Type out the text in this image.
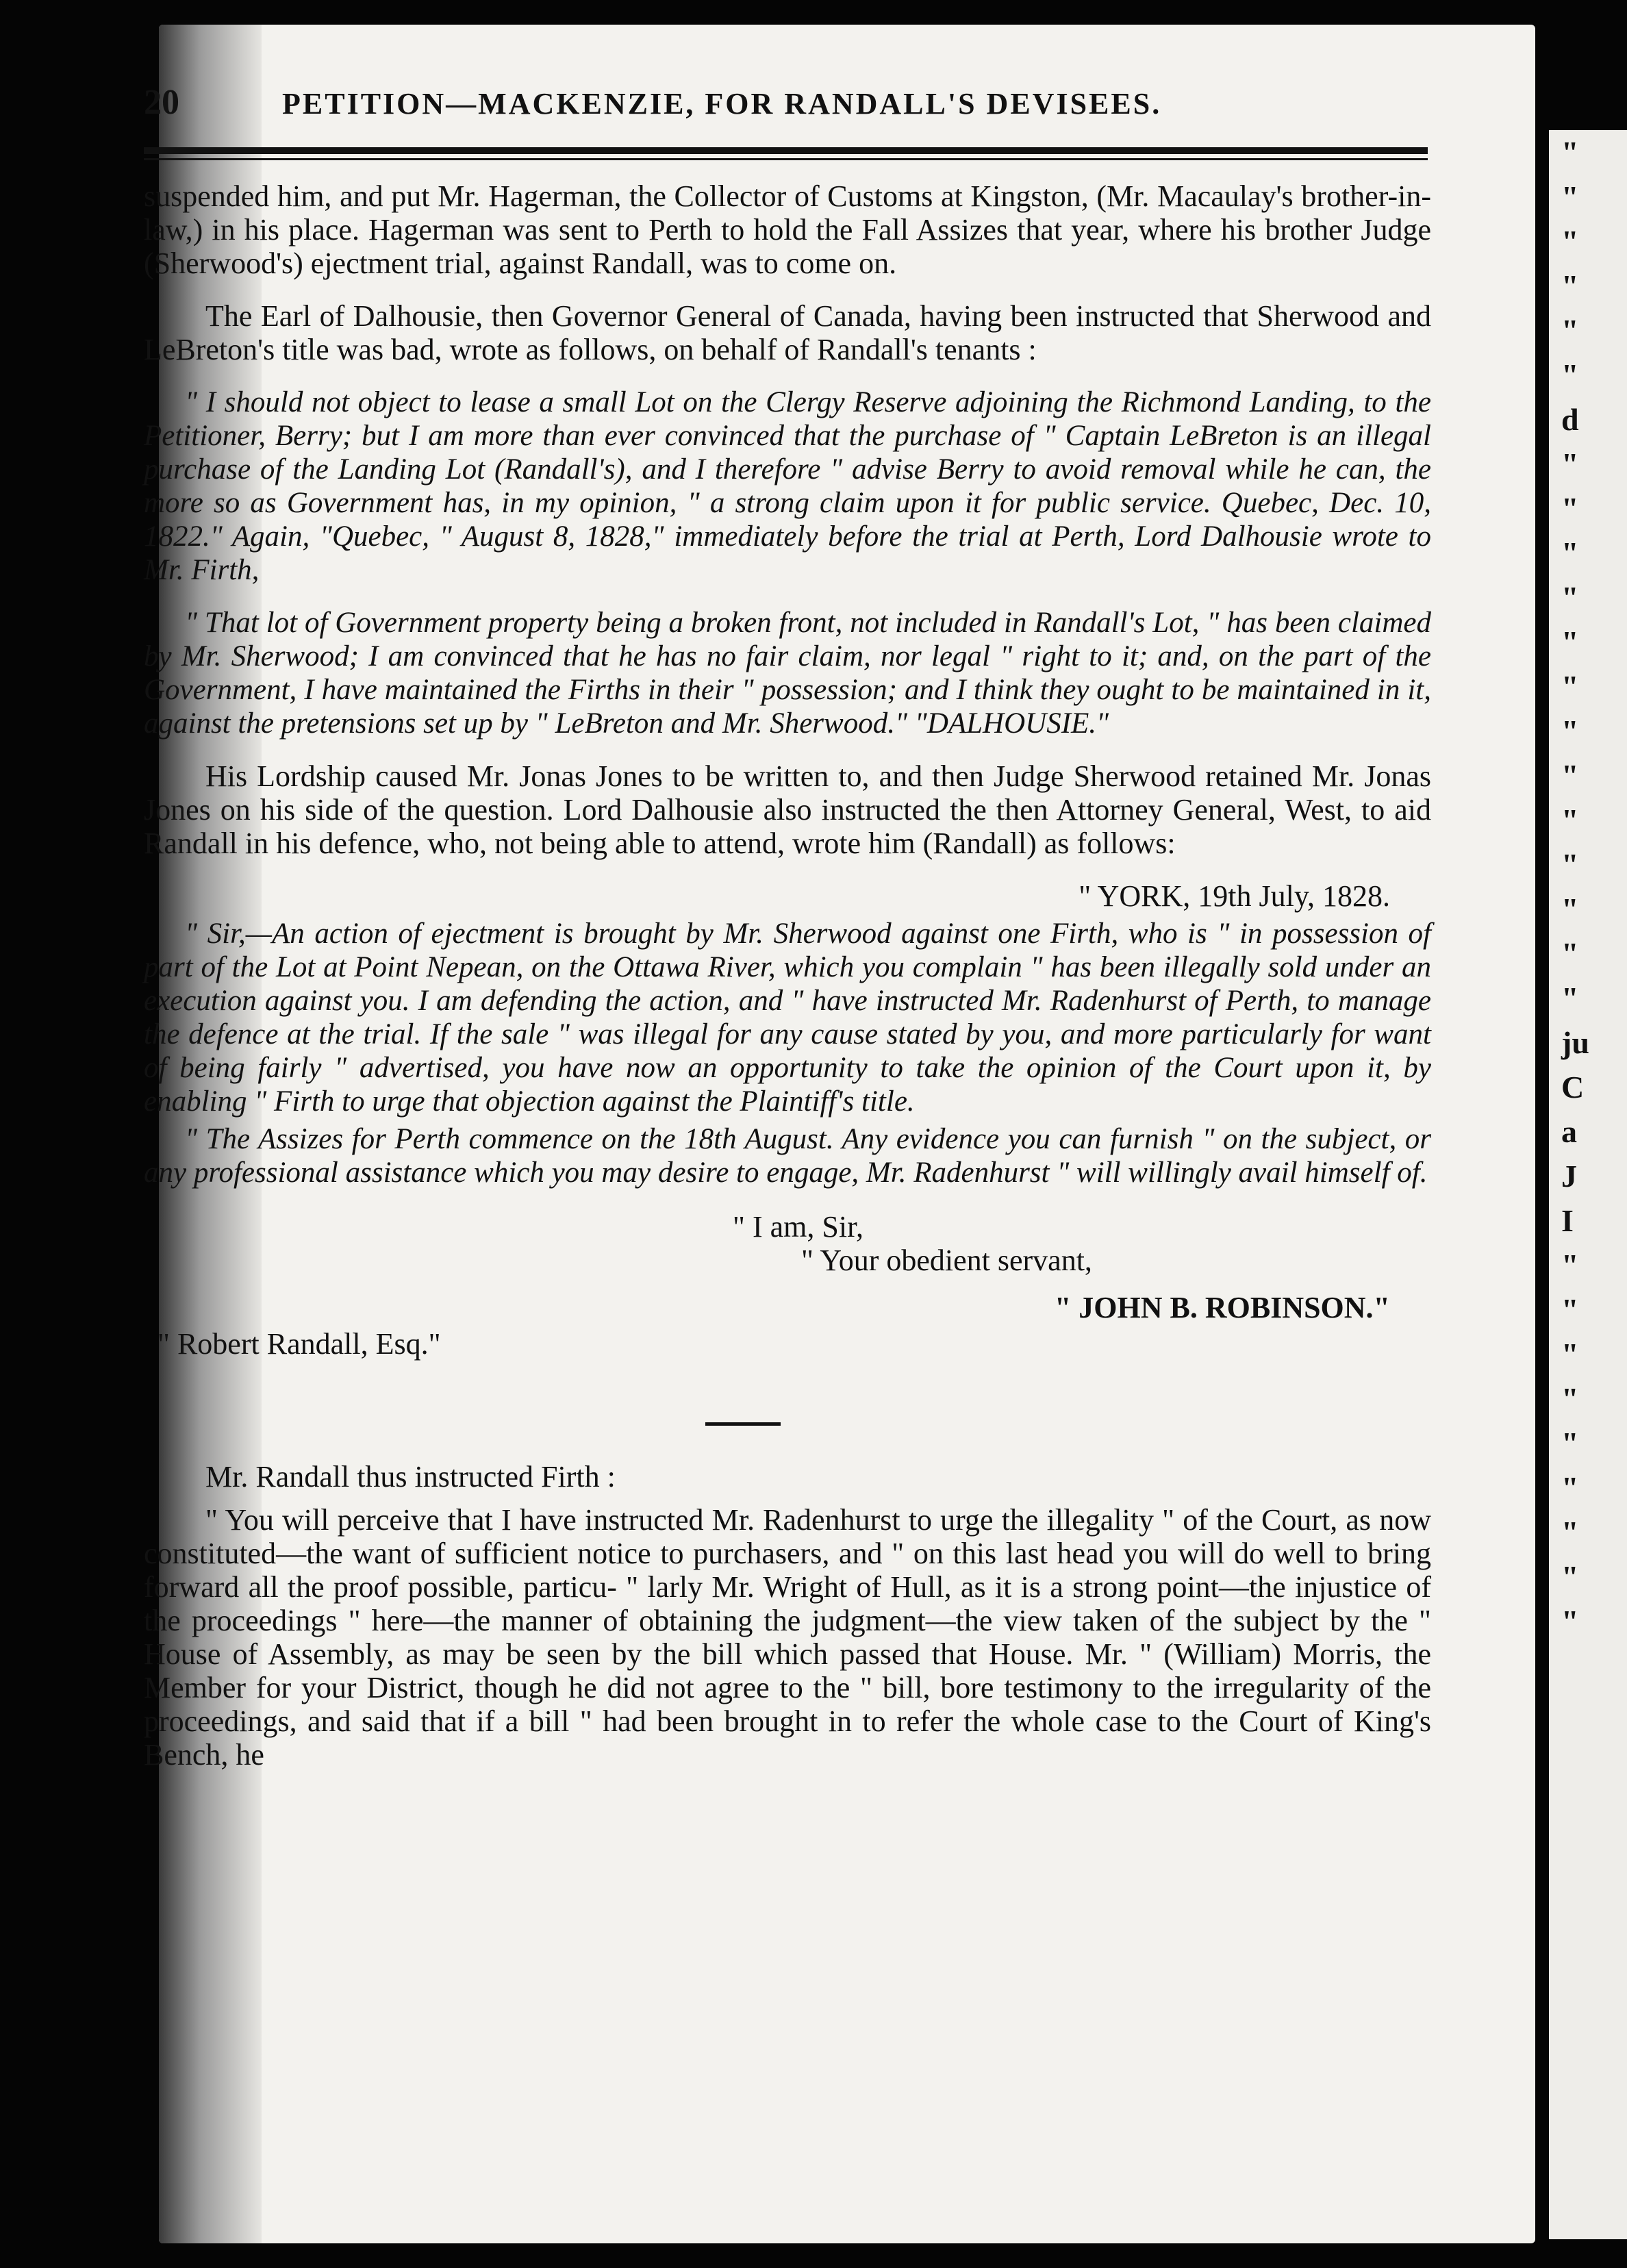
"
"
"
"
"
"
d
"
"
"
"
"
"
"
"
"
"
"
"
"
ju
C
a
J
I
"
"
"
"
"
"
"
"
"
20	PETITION—MACKENZIE, FOR RANDALL'S DEVISEES.

suspended him, and put Mr. Hagerman, the Collector of Customs at Kingston, (Mr. Macaulay's brother-in-law,) in his place. Hagerman was sent to Perth to hold the Fall Assizes that year, where his brother Judge (Sherwood's) ejectment trial, against Randall, was to come on.

The Earl of Dalhousie, then Governor General of Canada, having been instructed that Sherwood and LeBreton's title was bad, wrote as follows, on behalf of Randall's tenants :

" I should not object to lease a small Lot on the Clergy Reserve adjoining the Richmond Landing, to the Petitioner, Berry; but I am more than ever convinced that the purchase of " Captain LeBreton is an illegal purchase of the Landing Lot (Randall's), and I therefore " advise Berry to avoid removal while he can, the more so as Government has, in my opinion, " a strong claim upon it for public service. Quebec, Dec. 10, 1822." Again, "Quebec, " August 8, 1828," immediately before the trial at Perth, Lord Dalhousie wrote to Mr. Firth,

" That lot of Government property being a broken front, not included in Randall's Lot, " has been claimed by Mr. Sherwood; I am convinced that he has no fair claim, nor legal " right to it; and, on the part of the Government, I have maintained the Firths in their " possession; and I think they ought to be maintained in it, against the pretensions set up by " LeBreton and Mr. Sherwood." "DALHOUSIE."

His Lordship caused Mr. Jonas Jones to be written to, and then Judge Sherwood retained Mr. Jonas Jones on his side of the question. Lord Dalhousie also instructed the then Attorney General, West, to aid Randall in his defence, who, not being able to attend, wrote him (Randall) as follows:

" YORK, 19th July, 1828.

" Sir,—An action of ejectment is brought by Mr. Sherwood against one Firth, who is " in possession of part of the Lot at Point Nepean, on the Ottawa River, which you complain " has been illegally sold under an execution against you. I am defending the action, and " have instructed Mr. Radenhurst of Perth, to manage the defence at the trial. If the sale " was illegal for any cause stated by you, and more particularly for want of being fairly " advertised, you have now an opportunity to take the opinion of the Court upon it, by enabling " Firth to urge that objection against the Plaintiff's title.

" The Assizes for Perth commence on the 18th August. Any evidence you can furnish " on the subject, or any professional assistance which you may desire to engage, Mr. Radenhurst " will willingly avail himself of.

" I am, Sir,

" Your obedient servant,

" JOHN B. ROBINSON."

" Robert Randall, Esq."

Mr. Randall thus instructed Firth :

" You will perceive that I have instructed Mr. Radenhurst to urge the illegality " of the Court, as now constituted—the want of sufficient notice to purchasers, and " on this last head you will do well to bring forward all the proof possible, particu- " larly Mr. Wright of Hull, as it is a strong point—the injustice of the proceedings " here—the manner of obtaining the judgment—the view taken of the subject by the " House of Assembly, as may be seen by the bill which passed that House. Mr. " (William) Morris, the Member for your District, though he did not agree to the " bill, bore testimony to the irregularity of the proceedings, and said that if a bill " had been brought in to refer the whole case to the Court of King's Bench, he
